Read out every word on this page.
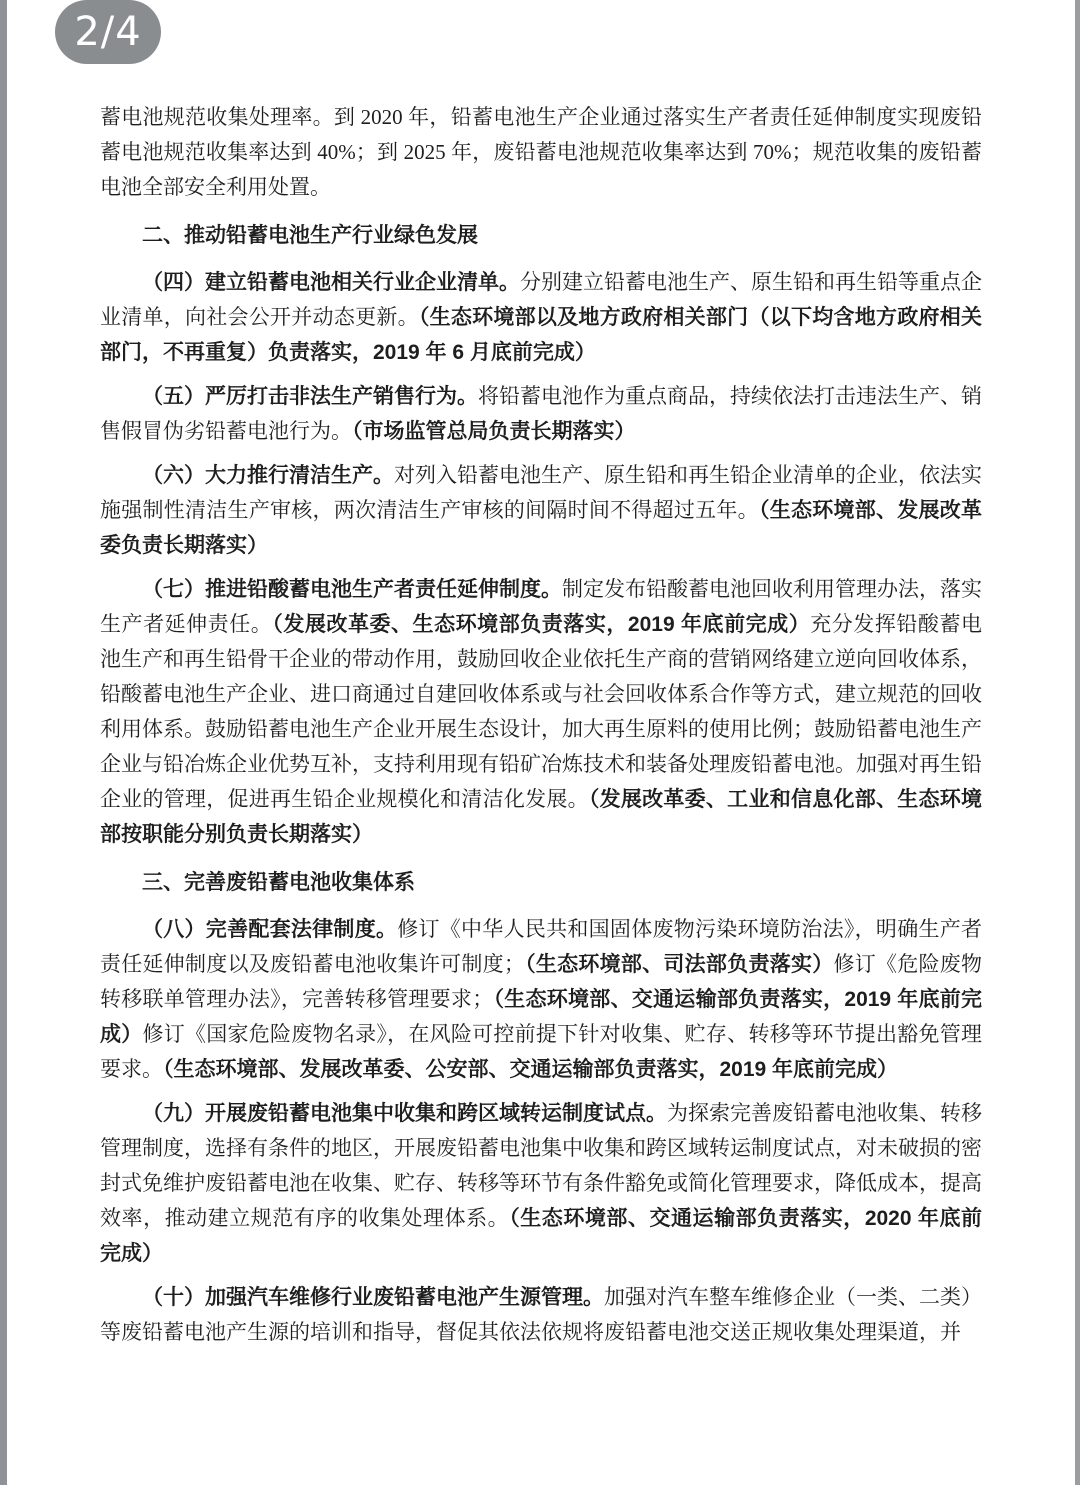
2/4

蓄电池规范收集处理率。到 2020 年，铅蓄电池生产企业通过落实生产者责任延伸制度实现废铅蓄电池规范收集率达到 40%；到 2025 年，废铅蓄电池规范收集率达到 70%；规范收集的废铅蓄电池全部安全利用处置。

二、推动铅蓄电池生产行业绿色发展

（四）建立铅蓄电池相关行业企业清单。分别建立铅蓄电池生产、原生铅和再生铅等重点企业清单，向社会公开并动态更新。（生态环境部以及地方政府相关部门（以下均含地方政府相关部门，不再重复）负责落实，2019 年 6 月底前完成）

（五）严厉打击非法生产销售行为。将铅蓄电池作为重点商品，持续依法打击违法生产、销售假冒伪劣铅蓄电池行为。（市场监管总局负责长期落实）

（六）大力推行清洁生产。对列入铅蓄电池生产、原生铅和再生铅企业清单的企业，依法实施强制性清洁生产审核，两次清洁生产审核的间隔时间不得超过五年。（生态环境部、发展改革委负责长期落实）

（七）推进铅酸蓄电池生产者责任延伸制度。制定发布铅酸蓄电池回收利用管理办法，落实生产者延伸责任。（发展改革委、生态环境部负责落实，2019 年底前完成）充分发挥铅酸蓄电池生产和再生铅骨干企业的带动作用，鼓励回收企业依托生产商的营销网络建立逆向回收体系，铅酸蓄电池生产企业、进口商通过自建回收体系或与社会回收体系合作等方式，建立规范的回收利用体系。鼓励铅蓄电池生产企业开展生态设计，加大再生原料的使用比例；鼓励铅蓄电池生产企业与铅冶炼企业优势互补，支持利用现有铅矿冶炼技术和装备处理废铅蓄电池。加强对再生铅企业的管理，促进再生铅企业规模化和清洁化发展。（发展改革委、工业和信息化部、生态环境部按职能分别负责长期落实）

三、完善废铅蓄电池收集体系

（八）完善配套法律制度。修订《中华人民共和国固体废物污染环境防治法》，明确生产者责任延伸制度以及废铅蓄电池收集许可制度；（生态环境部、司法部负责落实）修订《危险废物转移联单管理办法》，完善转移管理要求；（生态环境部、交通运输部负责落实，2019 年底前完成）修订《国家危险废物名录》，在风险可控前提下针对收集、贮存、转移等环节提出豁免管理要求。（生态环境部、发展改革委、公安部、交通运输部负责落实，2019 年底前完成）

（九）开展废铅蓄电池集中收集和跨区域转运制度试点。为探索完善废铅蓄电池收集、转移管理制度，选择有条件的地区，开展废铅蓄电池集中收集和跨区域转运制度试点，对未破损的密封式免维护废铅蓄电池在收集、贮存、转移等环节有条件豁免或简化管理要求，降低成本，提高效率，推动建立规范有序的收集处理体系。（生态环境部、交通运输部负责落实，2020 年底前完成）

（十）加强汽车维修行业废铅蓄电池产生源管理。加强对汽车整车维修企业（一类、二类）等废铅蓄电池产生源的培训和指导，督促其依法依规将废铅蓄电池交送正规收集处理渠道，并
